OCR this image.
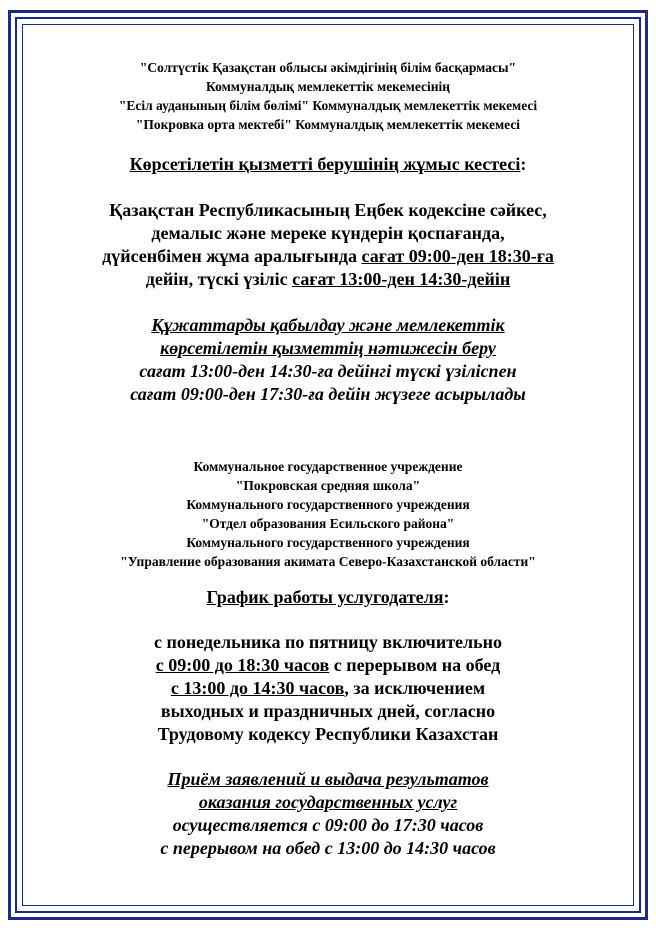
"Солтүстік Қазақстан облысы әкімдігінің білім басқармасы"
Коммуналдық мемлекеттік мекемесінің
"Есіл ауданының білім бөлімі" Коммуналдық мемлекеттік мекемесі
"Покровка орта мектебі" Коммуналдық мемлекеттік мекемесі
Көрсетілетін қызметті берушінің жұмыс кестесі:
Қазақстан Республикасының Еңбек кодексіне сәйкес,
демалыс және мереке күндерін қоспағанда,
дүйсенбімен жұма аралығында сағат 09:00-ден 18:30-ға
дейін, түскі үзіліс сағат 13:00-ден 14:30-дейін
Құжаттарды қабылдау және мемлекеттік
көрсетілетін қызметтің нәтижесін беру
сағат 13:00-ден 14:30-ға дейінгі түскі үзіліспен
сағат 09:00-ден 17:30-ға дейін жүзеге асырылады
Коммунальное государственное учреждение
"Покровская средняя школа"
Коммунального государственного учреждения
"Отдел образования Есильского района"
Коммунального государственного учреждения
"Управление образования акимата Северо-Казахстанской области"
График работы услугодателя:
с понедельника по пятницу включительно
с 09:00 до 18:30 часов с перерывом на обед
с 13:00 до 14:30 часов, за исключением
выходных и праздничных дней, согласно
Трудовому кодексу Республики Казахстан
Приём заявлений и выдача результатов
оказания государственных услуг
осуществляется с 09:00 до 17:30 часов
с перерывом на обед с 13:00 до 14:30 часов
